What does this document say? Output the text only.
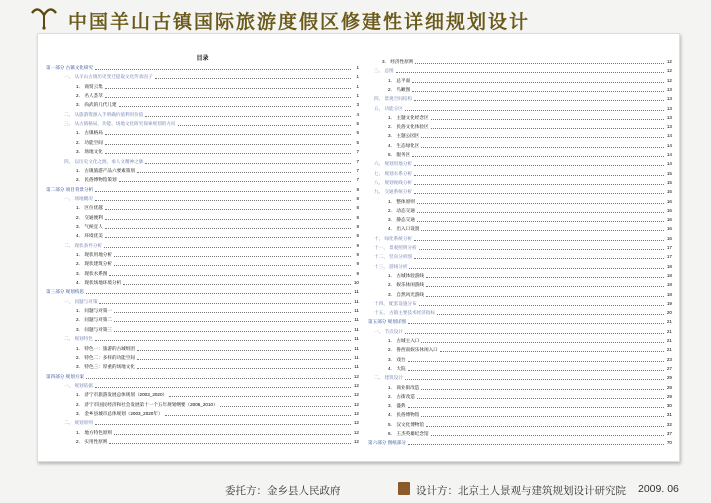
中国羊山古镇国际旅游度假区修建性详细规划设计
目录
第一部分 古镇文化研究	1
一、 从羊山古镇历史变迁提取文化传承因子	1
1． 商贸云集	1
2． 名人荟萃	1
3． 尚武的几代儿建	3
二、 从旅游资源入手明确价值利用价值	4
三、 从古镇格局、功能、场地文化研究探索规划的方向	5
1． 古镇格局	5
2． 功能空间	5
3． 场地文化	7
四、 以历史文化之源，承人文精神之脉	7
1． 古镇旅游产品六要素策划	7
2． 民俗博物馆策划	7
第二部分 项目背景分析	8
一、 场地概况	8
1． 区位优越	8
2． 交通便利	8
3． 气候宜人	8
4． 环境优美	8
二、 现状条件分析	9
1． 现状用地分析	9
2． 现状建筑分析	9
3． 现状水系图	9
4． 现状场地环境分析	10
第三部分 规划构思	11
一、 问题与对策	11
1． 问题与对策一	11
2． 问题与对策二	11
3． 问题与对策三	11
二、 规划特色	11
1． 特色一：旅游的古城组团	11
2． 特色二：多样的功能空间	11
3． 特色三：厚重的场地文化	11
第四部分 规划方案	12
一、 规划依据	12
1． 济宁市旅游发展总体规划（2003_2020）	12
2． 济宁市国民经济和社会发展第十一个五年规划纲要（2006_2010）	12
3． 金乡县城市总体规划（2003_2020年）	12
二、 规划原则	12
1． 地方特色原则	12
2． 实用性原则	12
3． 经济性原则	12
三、 总图	12
1． 总平面	12
2． 鸟瞰图	13
四、 景观空间结构	13
五、 功能分区	13
1． 主题文化经念区	13
2． 民俗文化体验区	13
3． 主题公园区	14
4． 生态绿化区	14
5． 服务区	14
六、 规划用地分析	14
七、 规划水系分析	15
八、 规划视线分析	15
九、 交通系统分析	16
1． 整体原则	16
2． 动态交通	16
3． 静态交通	16
4． 出入口设置	16
十、 绿化系统分析	16
十一、 景观照明分析	17
十二、 竖向分析图	17
十三、 游线分析	18
1． 古城体验游线	18
2． 娱乐休闲游线	18
3． 自然风光游线	18
十四、 配套设施分布	19
十五、 古镇主要技术经济指标	20
第五部分 规划详图	21
一、 节点设计	21
1． 古城主入口	21
2． 鲁西南娱乐休闲入口	21
3． 戏台	23
4． 大院	27
二、 建筑设计	29
1． 商业街改造	29
2． 古街改造	29
3． 盛典	30
4． 民俗博物馆	31
5． 汉文化博物馆	32
6． 王杰英雄纪念馆	37
第六部分 图纸部分	70
委托方：金乡县人民政府	设计方：北京土人景观与建筑规划设计研究院 2009. 06
